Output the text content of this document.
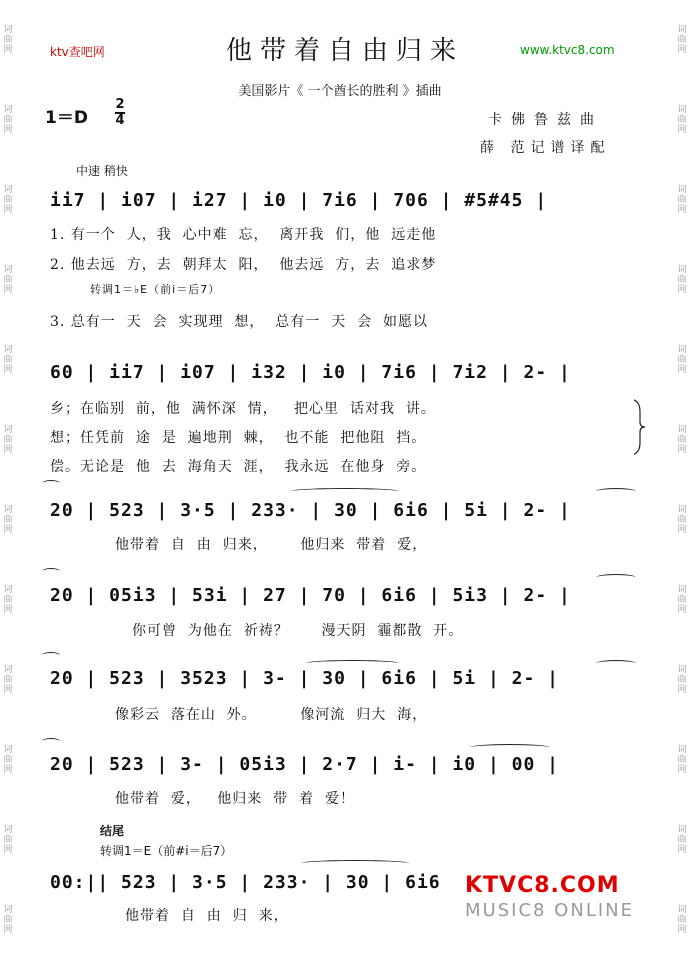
词曲网
词曲网
词曲网
词曲网
词曲网
词曲网
词曲网
词曲网
词曲网
词曲网
词曲网
词曲网
词曲网
词曲网
词曲网
词曲网
词曲网
词曲网
词曲网
词曲网
词曲网
词曲网
词曲网
词曲网
ktv查吧网	www.ktvc8.com
他带着自由归来
美国影片《 一个酋长的胜利 》插曲
1＝D
2
4	卡佛鲁兹曲
薛 范记谱译配
中速 稍快
ii7 | i07 | i27 | i0 | 7i6 | 706 | #5#45 |
1. 有一个  人，我  心中难  忘，  离开我  们，他  远走他
2. 他去远  方，去  朝拜太  阳，  他去远  方，去  追求梦
转调1＝♭E（前i＝后7）
3. 总有一  天  会  实现理  想，  总有一  天  会  如愿以
60 | ii7 | i07 | i32 | i0 | 7i6 | 7i2 | 2- |
乡；在临别  前，他  满怀深  情，   把心里  话对我  讲。
想；任凭前  途  是  遍地荆  棘，  也不能  把他阻  挡。
偿。无论是  他  去  海角天  涯，  我永远  在他身  旁。
20 | 523 | 3·5 | 233· | 30 | 6i6 | 5i | 2- |
他带着  自  由  归来，      他归来  带着  爱，
20 | 05i3 | 53i | 27 | 70 | 6i6 | 5i3 | 2- |
你可曾  为他在  祈祷？      漫天阴  霾都散  开。
20 | 523 | 3523 | 3- | 30 | 6i6 | 5i | 2- |
像彩云  落在山  外。        像河流  归大  海，
20 | 523 | 3- | 05i3 | 2·7 | i- | i0 | 00 |
他带着  爱，   他归来  带  着  爱！
结尾
转调1＝E（前#i＝后7）
00:|| 523 | 3·5 | 233· | 30 | 6i6
他带着  自  由  归  来，
KTVC8.COM
MUSIC8 ONLINE
